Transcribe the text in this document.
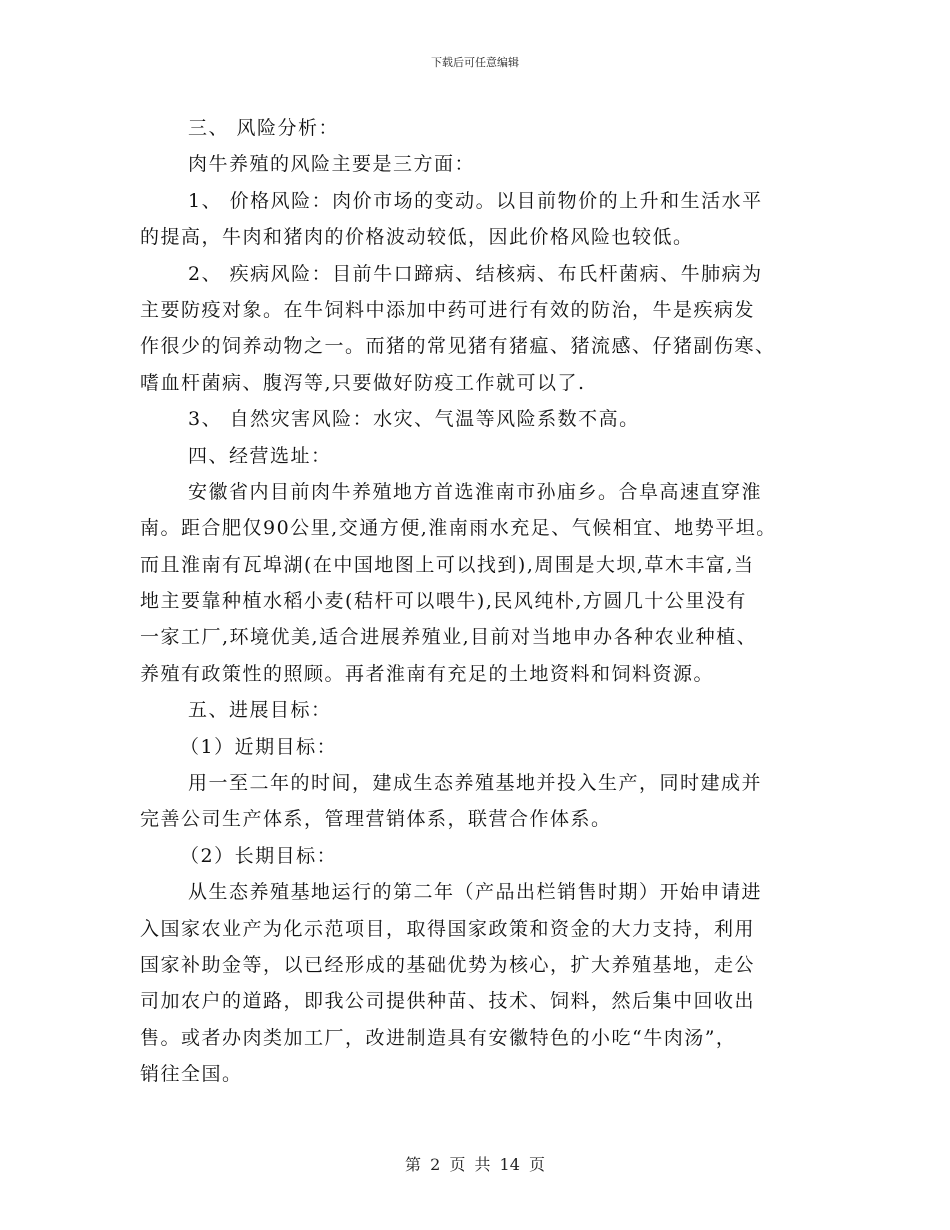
下载后可任意编辑
三、 风险分析：
肉牛养殖的风险主要是三方面：
1、 价格风险：肉价市场的变动。以目前物价的上升和生活水平
的提高，牛肉和猪肉的价格波动较低，因此价格风险也较低。
2、 疾病风险：目前牛口蹄病、结核病、布氏杆菌病、牛肺病为
主要防疫对象。在牛饲料中添加中药可进行有效的防治，牛是疾病发
作很少的饲养动物之一。而猪的常见猪有猪瘟、猪流感、仔猪副伤寒、
嗜血杆菌病、腹泻等,只要做好防疫工作就可以了.
3、 自然灾害风险：水灾、气温等风险系数不高。
四、经营选址：
安徽省内目前肉牛养殖地方首选淮南市孙庙乡。合阜高速直穿淮
南。距合肥仅90公里,交通方便,淮南雨水充足、气候相宜、地势平坦。
而且淮南有瓦埠湖(在中国地图上可以找到),周围是大坝,草木丰富,当
地主要靠种植水稻小麦(秸杆可以喂牛),民风纯朴,方圆几十公里没有
一家工厂,环境优美,适合进展养殖业,目前对当地申办各种农业种植、
养殖有政策性的照顾。再者淮南有充足的土地资料和饲料资源。
五、进展目标：
（1）近期目标：
用一至二年的时间，建成生态养殖基地并投入生产，同时建成并
完善公司生产体系，管理营销体系，联营合作体系。
（2）长期目标：
从生态养殖基地运行的第二年（产品出栏销售时期）开始申请进
入国家农业产为化示范项目，取得国家政策和资金的大力支持，利用
国家补助金等，以已经形成的基础优势为核心，扩大养殖基地，走公
司加农户的道路，即我公司提供种苗、技术、饲料，然后集中回收出
售。或者办肉类加工厂，改进制造具有安徽特色的小吃“牛肉汤”，
销往全国。
第 2 页 共 14 页
